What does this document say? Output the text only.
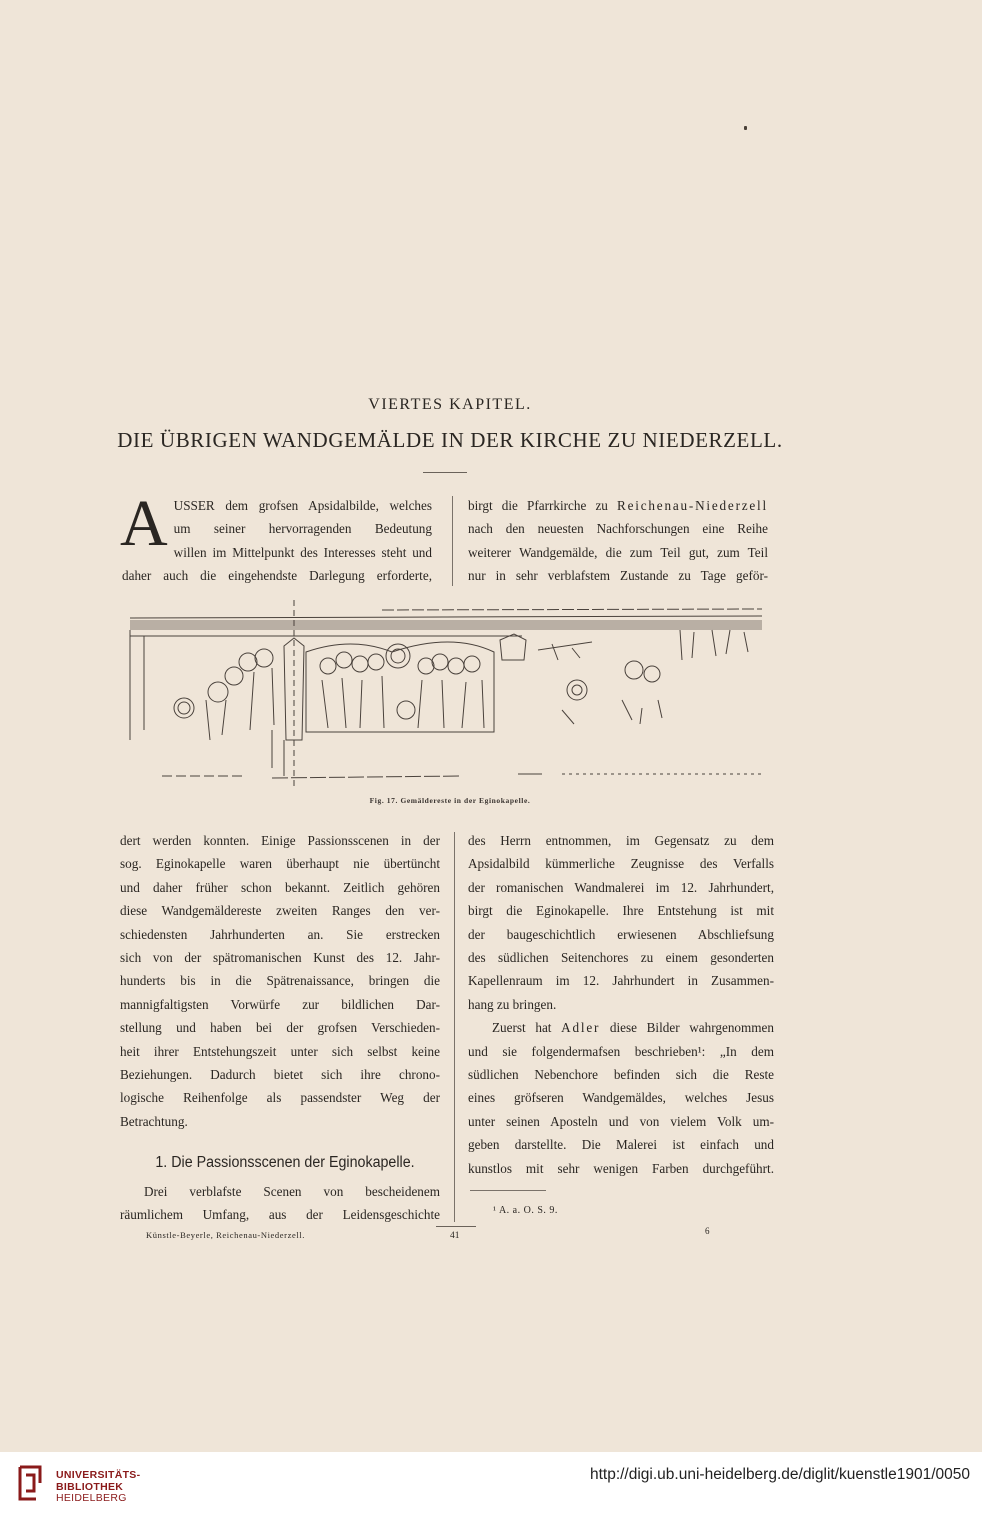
VIERTES KAPITEL.
DIE ÜBRIGEN WANDGEMÄLDE IN DER KIRCHE ZU NIEDERZELL.
A USSER dem grofsen Apsidalbilde, welches

um seiner hervorragenden Bedeutung

willen im Mittelpunkt des Interesses steht und

daher auch die eingehendste Darlegung erforderte,

birgt die Pfarrkirche zu Reichenau-Niederzell

nach den neuesten Nachforschungen eine Reihe

weiterer Wandgemälde, die zum Teil gut, zum Teil

nur in sehr verblafstem Zustande zu Tage geför-

Fig. 17. Gemäldereste in der Eginokapelle.

dert werden konnten. Einige Passionsscenen in der

sog. Eginokapelle waren überhaupt nie übertüncht

und daher früher schon bekannt. Zeitlich gehören

diese Wandgemäldereste zweiten Ranges den ver-

schiedensten Jahrhunderten an. Sie erstrecken

sich von der spätromanischen Kunst des 12. Jahr-

hunderts bis in die Spätrenaissance, bringen die

mannigfaltigsten Vorwürfe zur bildlichen Dar-

stellung und haben bei der grofsen Verschieden-

heit ihrer Entstehungszeit unter sich selbst keine

Beziehungen. Dadurch bietet sich ihre chrono-

logische Reihenfolge als passendster Weg der

Betrachtung.

1. Die Passionsscenen der Eginokapelle.

Drei verblafste Scenen von bescheidenem

räumlichem Umfang, aus der Leidensgeschichte

des Herrn entnommen, im Gegensatz zu dem

Apsidalbild kümmerliche Zeugnisse des Verfalls

der romanischen Wandmalerei im 12. Jahrhundert,

birgt die Eginokapelle. Ihre Entstehung ist mit

der baugeschichtlich erwiesenen Abschliefsung

des südlichen Seitenchores zu einem gesonderten

Kapellenraum im 12. Jahrhundert in Zusammen-

hang zu bringen.

Zuerst hat Adler diese Bilder wahrgenommen

und sie folgendermafsen beschrieben¹: „In dem

südlichen Nebenchore befinden sich die Reste

eines gröfseren Wandgemäldes, welches Jesus

unter seinen Aposteln und von vielem Volk um-

geben darstellte. Die Malerei ist einfach und

kunstlos mit sehr wenigen Farben durchgeführt.

¹ A. a. O. S. 9.
Künstle-Beyerle, Reichenau-Niederzell.	41	6
UNIVERSITÄTS-
BIBLIOTHEK
HEIDELBERG
http://digi.ub.uni-heidelberg.de/diglit/kuenstle1901/0050
